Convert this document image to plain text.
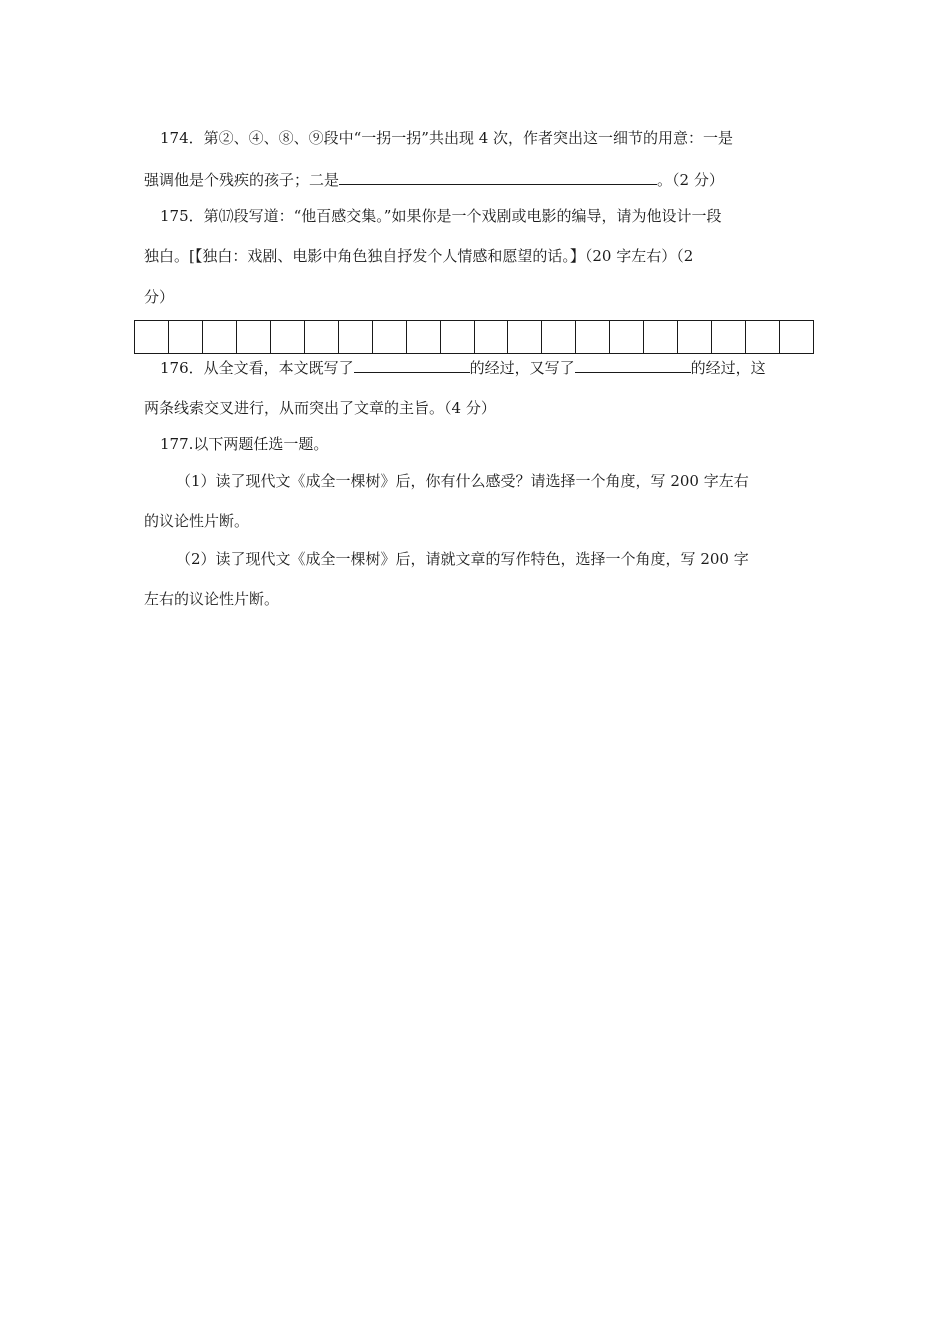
174．第②、④、⑧、⑨段中“一拐一拐”共出现 4 次，作者突出这一细节的用意：一是
强调他是个残疾的孩子；二是	。（2 分）
175．第⒄段写道：“他百感交集。”如果你是一个戏剧或电影的编导，请为他设计一段
独白。[【独白：戏剧、电影中角色独自抒发个人情感和愿望的话。】（20 字左右）（2
分）
176．从全文看，本文既写了	的经过，又写了	的经过，这
两条线索交叉进行，从而突出了文章的主旨。（4 分）
177.以下两题任选一题。
（1）读了现代文《成全一棵树》后，你有什么感受？请选择一个角度，写 200 字左右
的议论性片断。
（2）读了现代文《成全一棵树》后，请就文章的写作特色，选择一个角度，写 200 字
左右的议论性片断。
